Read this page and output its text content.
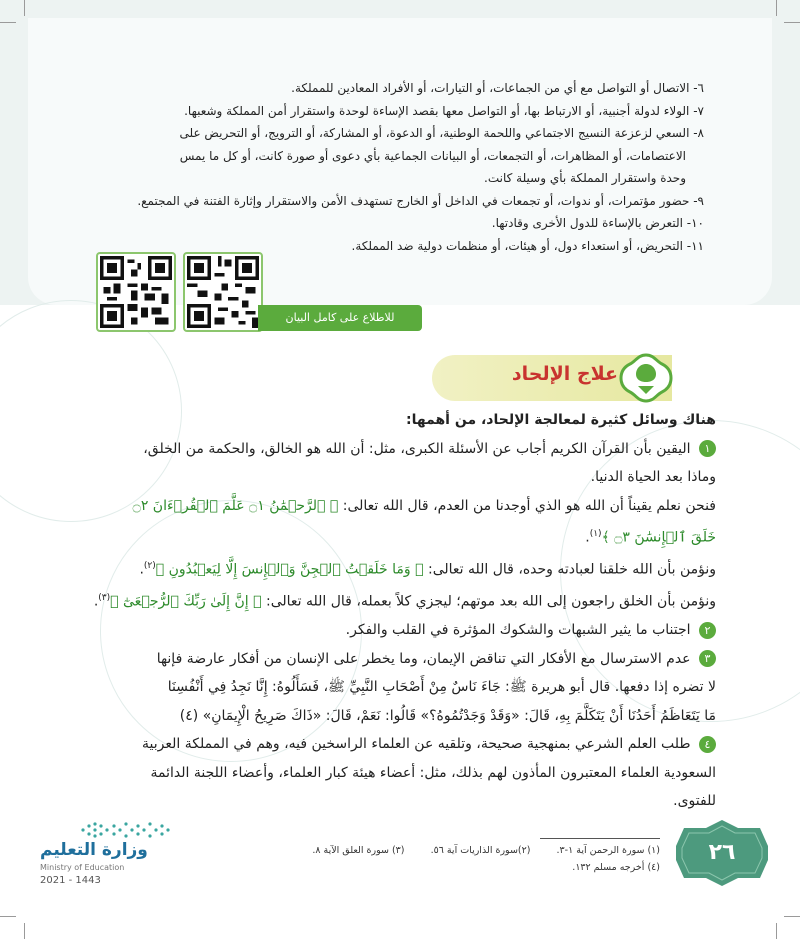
٦- الاتصال أو التواصل مع أي من الجماعات، أو التيارات، أو الأفراد المعادين للمملكة.
٧- الولاء لدولة أجنبية، أو الارتباط بها، أو التواصل معها بقصد الإساءة لوحدة واستقرار أمن المملكة وشعبها.
٨- السعي لزعزعة النسيج الاجتماعي واللحمة الوطنية، أو الدعوة، أو المشاركة، أو الترويج، أو التحريض على
الاعتصامات، أو المظاهرات، أو التجمعات، أو البيانات الجماعية بأي دعوى أو صورة كانت، أو كل ما يمس
وحدة واستقرار المملكة بأي وسيلة كانت.
٩- حضور مؤتمرات، أو ندوات، أو تجمعات في الداخل أو الخارج تستهدف الأمن والاستقرار وإثارة الفتنة في المجتمع.
١٠- التعرض بالإساءة للدول الأخرى وقادتها.
١١- التحريض، أو استعداء دول، أو هيئات، أو منظمات دولية ضد المملكة.
للاطلاع على كامل البيان
علاج الإلحاد
هناك وسائل كثيرة لمعالجة الإلحاد، من أهمها:
١ اليقين بأن القرآن الكريم أجاب عن الأسئلة الكبرى، مثل: أن الله هو الخالق، والحكمة من الخلق،
وماذا بعد الحياة الدنيا.
فنحن نعلم يقيناً أن الله هو الذي أوجدنا من العدم، قال الله تعالى: ﴿ ٱلرَّحۡمَٰنُ ۝١ عَلَّمَ ٱلۡقُرۡءَانَ ۝٢
خَلَقَ ٱلۡإِنسَٰنَ ۝٣ ﴾$^{(١)}$.
ونؤمن بأن الله خلقنا لعبادته وحده، قال الله تعالى: ﴿ وَمَا خَلَقۡتُ ٱلۡجِنَّ وَٱلۡإِنسَ إِلَّا لِيَعۡبُدُونِ ﴾$^{(٢)}$.
ونؤمن بأن الخلق راجعون إلى الله بعد موتهم؛ ليجزي كلاً بعمله، قال الله تعالى: ﴿ إِنَّ إِلَىٰ رَبِّكَ ٱلرُّجۡعَىٰٓ ﴾$^{(٣)}$.
٢ اجتناب ما يثير الشبهات والشكوك المؤثرة في القلب والفكر.
٣ عدم الاسترسال مع الأفكار التي تناقض الإيمان، وما يخطر على الإنسان من أفكار عارضة فإنها
لا تضره إذا دفعها. قال أبو هريرة ﷺ: جَاءَ نَاسٌ مِنْ أَصْحَابِ النَّبِيِّ ﷺ، فَسَأَلُوهُ: إِنَّا نَجِدُ فِي أَنْفُسِنَا
مَا يَتَعَاظَمُ أَحَدُنَا أَنْ يَتَكَلَّمَ بِهِ، قَالَ: «وَقَدْ وَجَدْتُمُوهُ؟» قَالُوا: نَعَمْ، قَالَ: «ذَاكَ صَرِيحُ الْإِيمَانِ» (٤)
٤ طلب العلم الشرعي بمنهجية صحيحة، وتلقيه عن العلماء الراسخين فيه، وهم في المملكة العربية
السعودية العلماء المعتبرون المأذون لهم بذلك، مثل: أعضاء هيئة كبار العلماء، وأعضاء اللجنة الدائمة
للفتوى.
(١) سورة الرحمن آية ١-٣.  (٢)سورة الذاريات آية ٥٦.  (٣) سورة العلق الآية ٨.
(٤) أخرجه مسلم ١٣٢.
٢٦
وزارة التعليم
Ministry of Education
2021 - 1443
